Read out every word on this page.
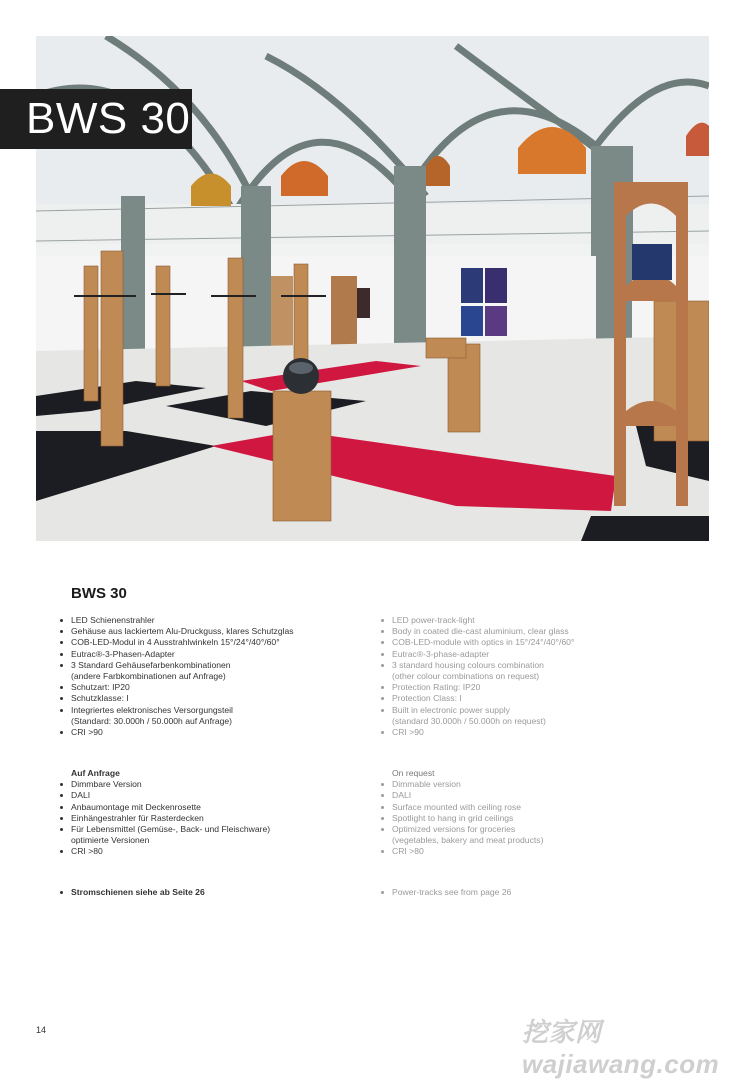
BWS 30
BWS 30
LED Schienenstrahler
Gehäuse aus lackiertem Alu-Druckguss, klares Schutzglas
COB-LED-Modul in 4 Ausstrahlwinkeln 15°/24°/40°/60°
Eutrac®-3-Phasen-Adapter
3 Standard Gehäusefarbenkombinationen
(andere Farbkombinationen auf Anfrage)
Schutzart: IP20
Schutzklasse: I
Integriertes elektronisches Versorgungsteil
(Standard: 30.000h / 50.000h auf Anfrage)
CRI >90
Auf Anfrage
Dimmbare Version
DALI
Anbaumontage mit Deckenrosette
Einhängestrahler für Rasterdecken
Für Lebensmittel (Gemüse-, Back- und Fleischware)
optimierte Versionen
CRI >80
Stromschienen siehe ab Seite 26
LED power-track-light
Body in coated die-cast aluminium, clear glass
COB-LED-module with optics in 15°/24°/40°/60°
Eutrac®-3-phase-adapter
3 standard housing colours combination
(other colour combinations on request)
Protection Rating: IP20
Protection Class: I
Built in electronic power supply
(standard 30.000h / 50.000h on request)
CRI >90
On request
Dimmable version
DALI
Surface mounted with ceiling rose
Spotlight to hang in grid ceilings
Optimized versions for groceries
(vegetables, bakery and meat products)
CRI >80
Power-tracks see from page 26
14	挖家网 wajiawang.com
